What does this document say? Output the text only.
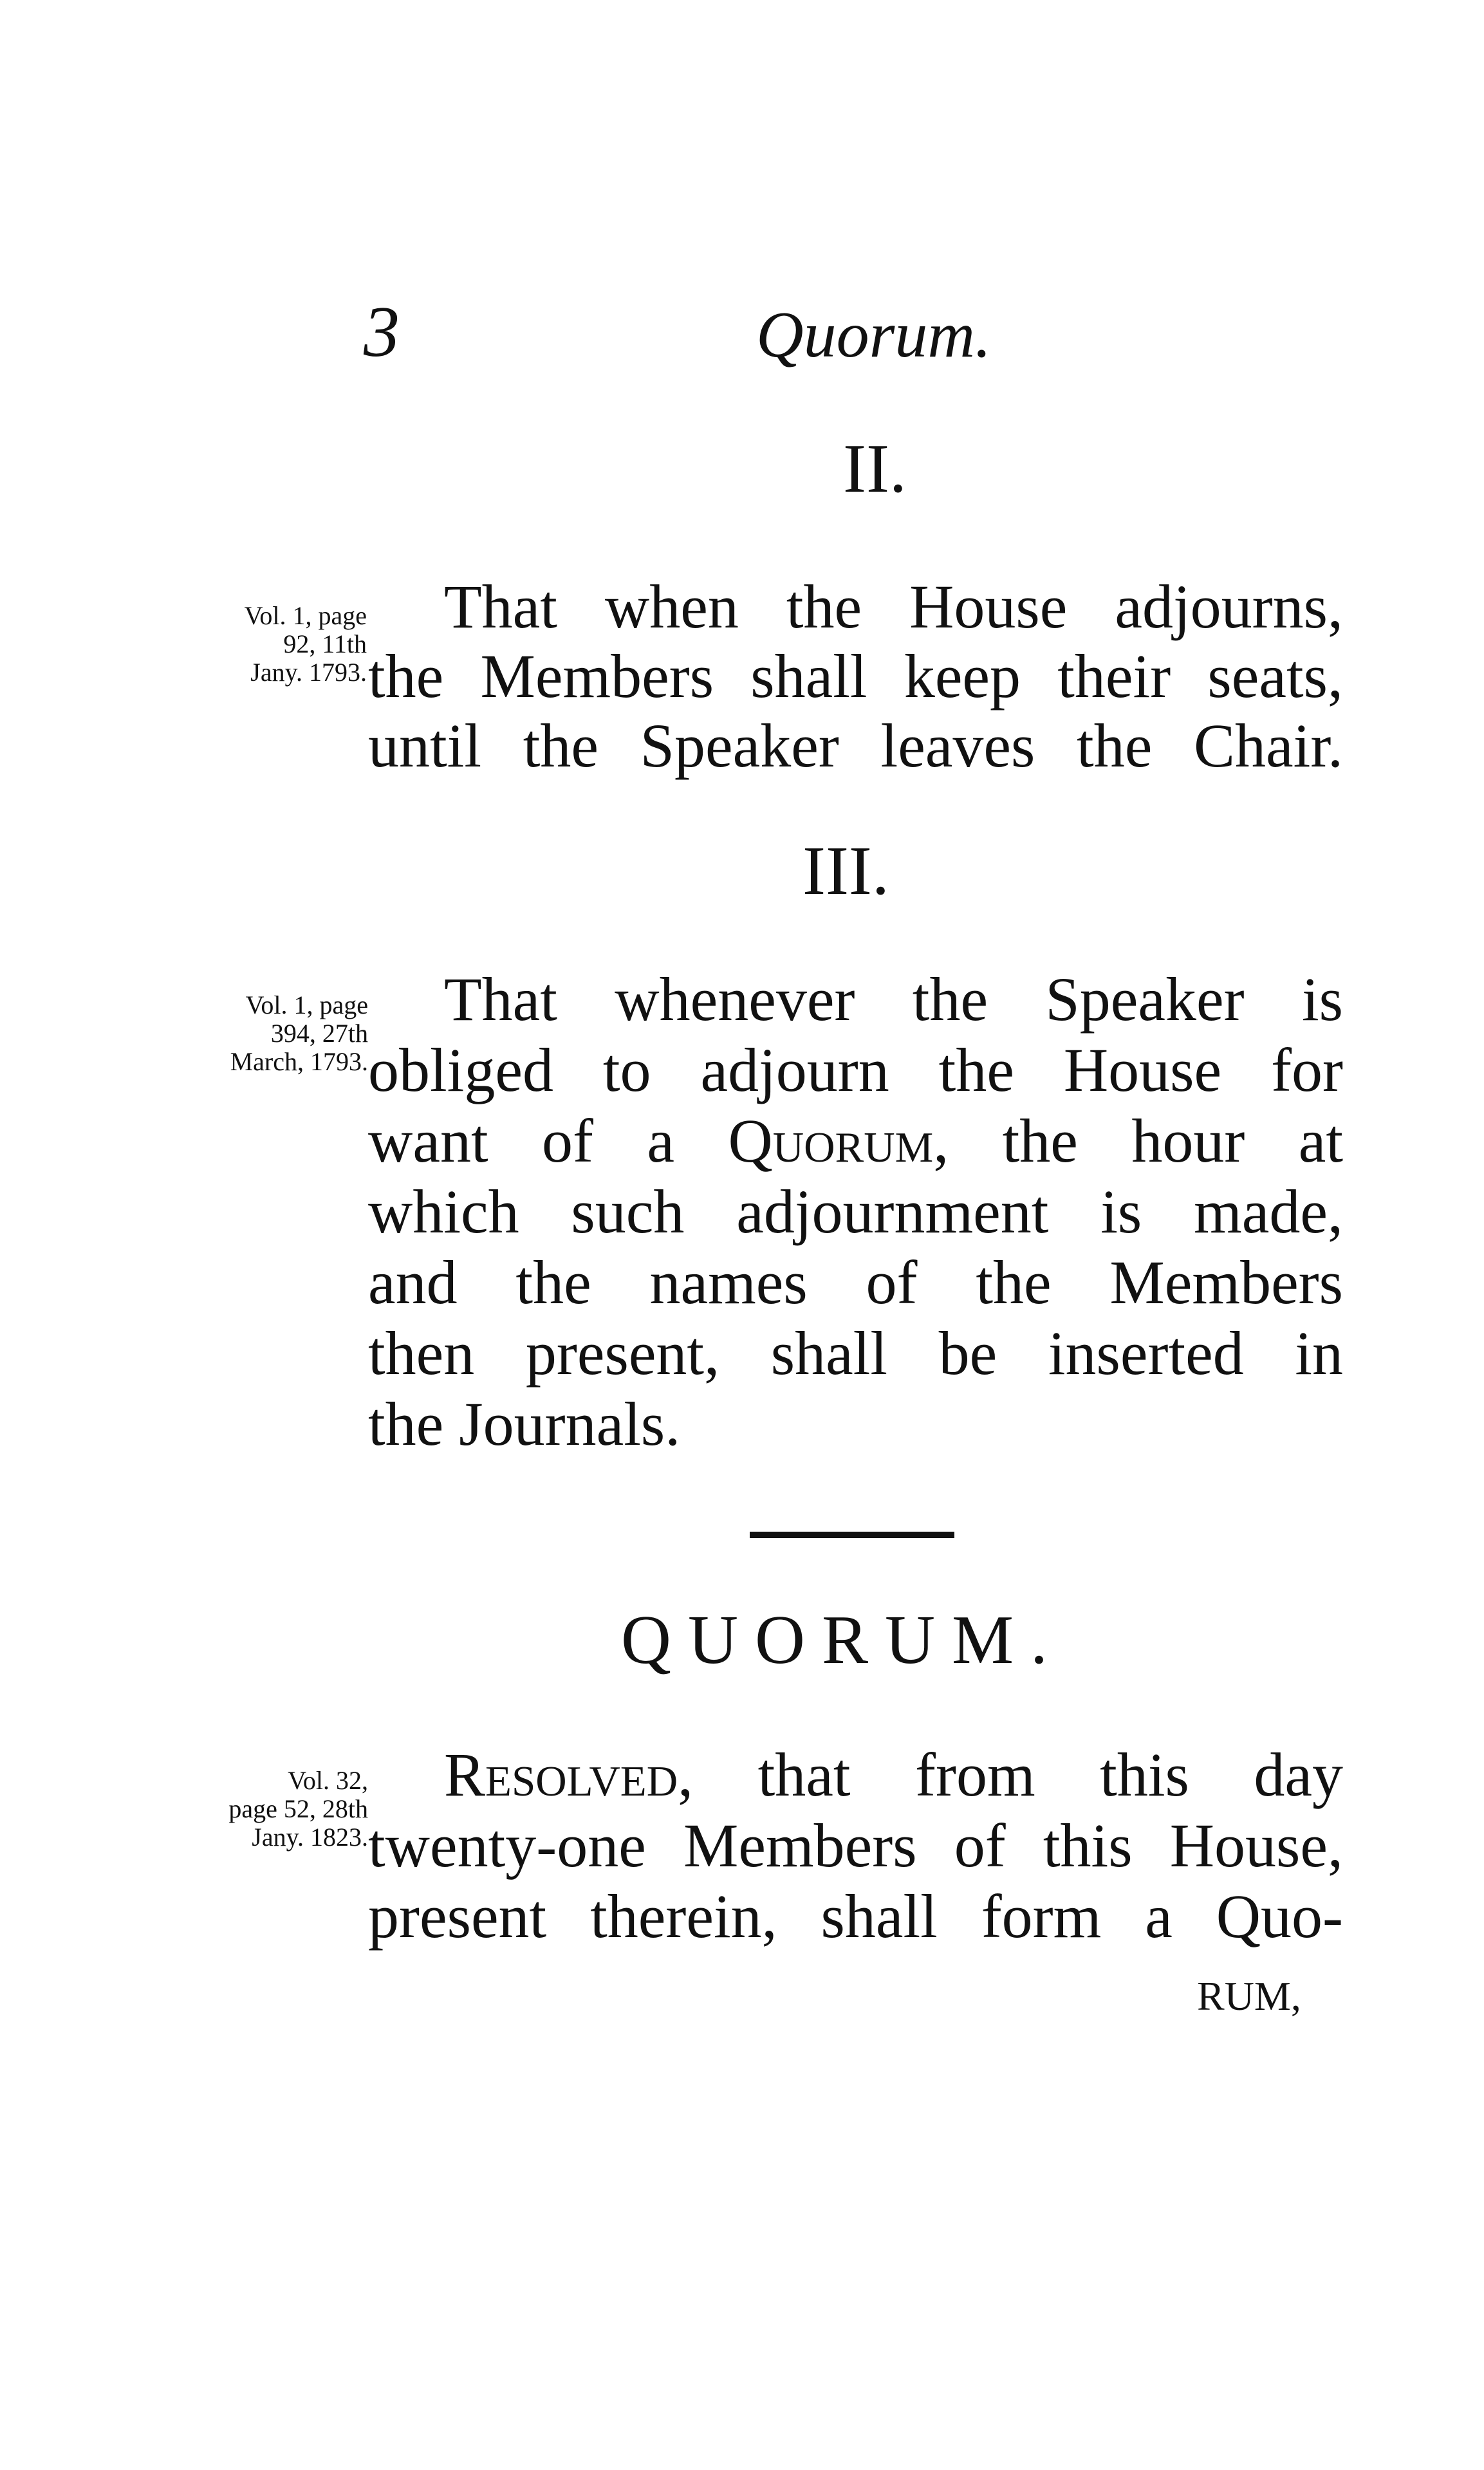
3	Quorum.
II.
Vol. 1, page
92, 11th
Jany. 1793.
That when the House adjourns,
the Members shall keep their seats,
until the Speaker leaves the Chair.
III.
Vol. 1, page
394, 27th
March, 1793.
That whenever the Speaker is
obliged to adjourn the House for
want of a Quorum, the hour at
which such adjournment is made,
and the names of the Members
then present, shall be inserted in
the Journals.
QUORUM.
Vol. 32,
page 52, 28th
Jany. 1823.
Resolved, that from this day
twenty-one Members of this House,
present therein, shall form a Quo-
RUM,
